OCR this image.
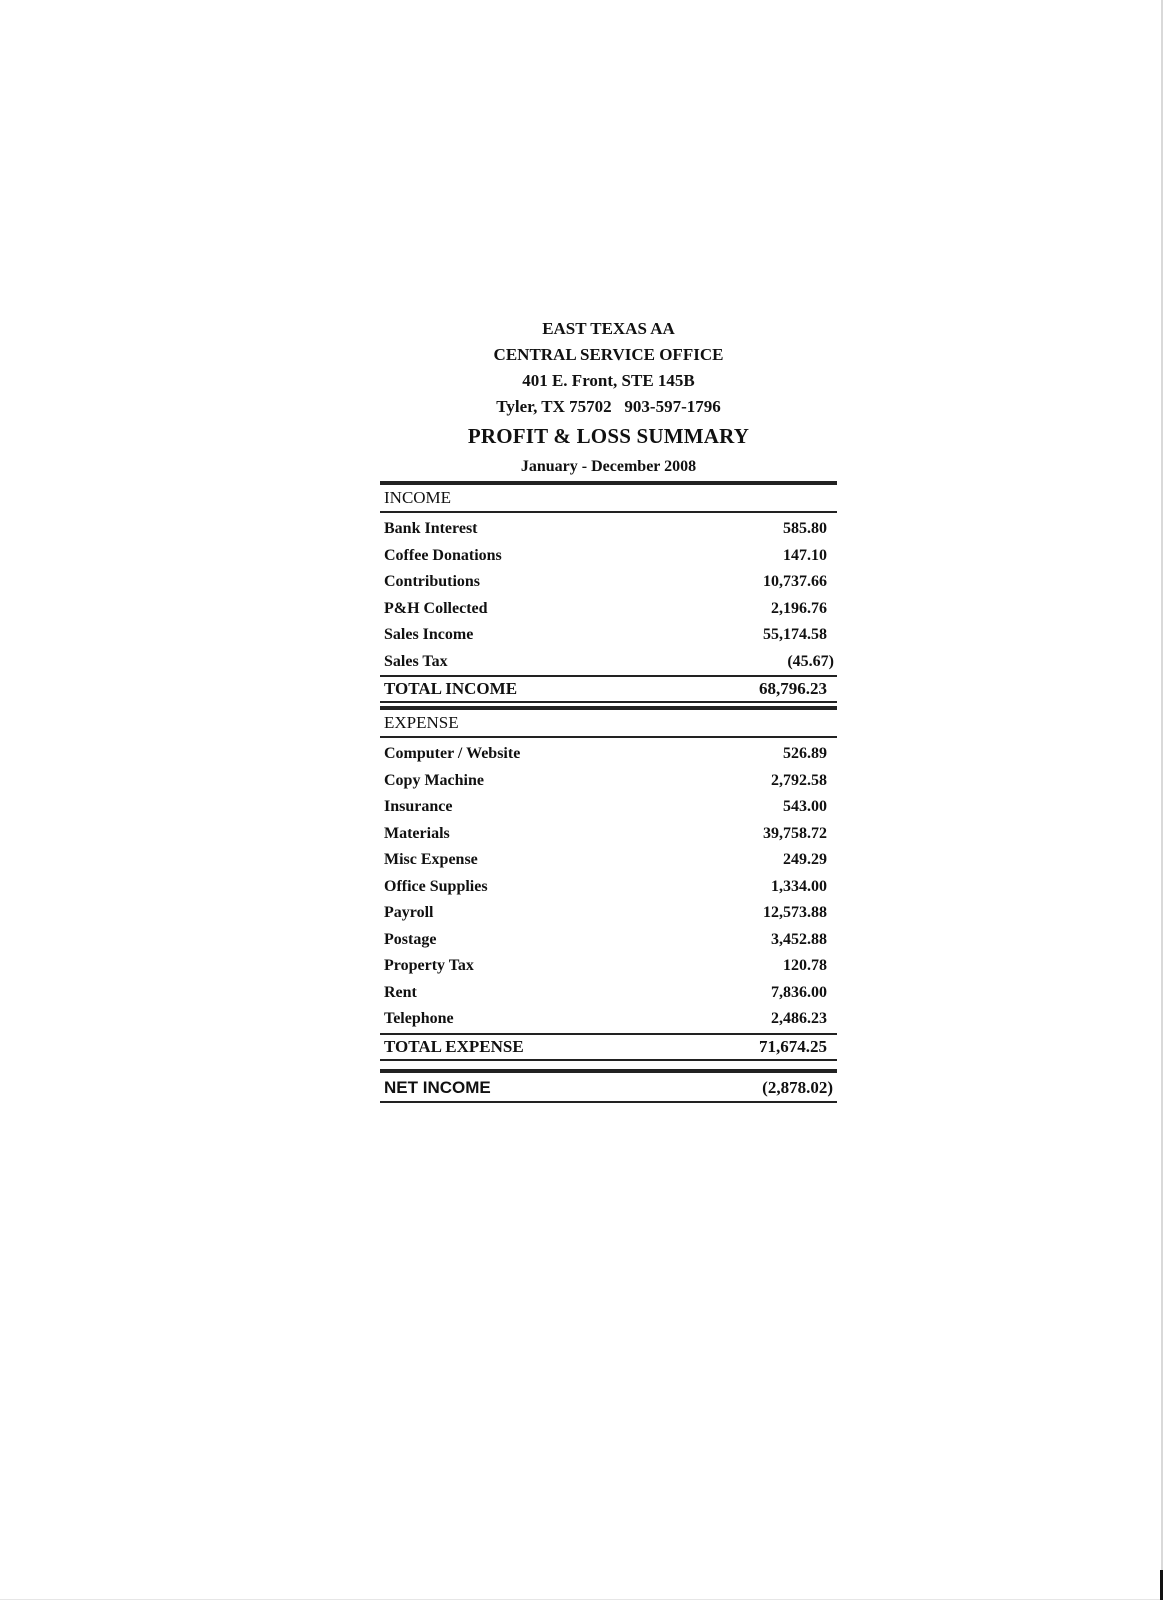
EAST TEXAS AA
CENTRAL SERVICE OFFICE
401 E. Front, STE 145B
Tyler, TX 75702   903-597-1796
PROFIT & LOSS SUMMARY
January - December 2008
INCOME
Bank Interest	585.80
Coffee Donations	147.10
Contributions	10,737.66
P&H Collected	2,196.76
Sales Income	55,174.58
Sales Tax	(45.67)
TOTAL INCOME	68,796.23
EXPENSE
Computer / Website	526.89
Copy Machine	2,792.58
Insurance	543.00
Materials	39,758.72
Misc Expense	249.29
Office Supplies	1,334.00
Payroll	12,573.88
Postage	3,452.88
Property Tax	120.78
Rent	7,836.00
Telephone	2,486.23
TOTAL EXPENSE	71,674.25
NET INCOME	(2,878.02)
